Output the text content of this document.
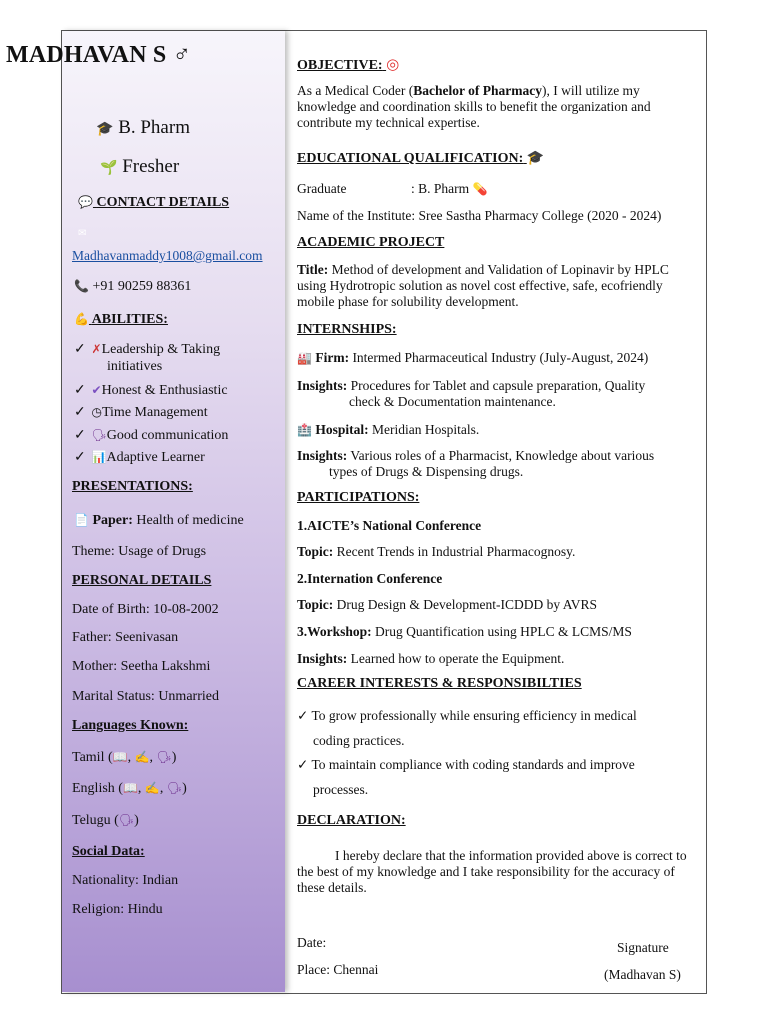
MADHAVAN S ♂
🎓 B. Pharm
🌱 Fresher
💬 CONTACT DETAILS
✉
Madhavanmaddy1008@gmail.com
📞 +91 90259 88361
💪 ABILITIES:
✓ ✗Leadership & Taking
initiatives
✓ ✔Honest & Enthusiastic
✓ ◷Time Management
✓ 🗣Good communication
✓ 📊Adaptive Learner
PRESENTATIONS:
📄 Paper: Health of medicine
Theme: Usage of Drugs
PERSONAL DETAILS
Date of Birth: 10-08-2002
Father: Seenivasan
Mother: Seetha Lakshmi
Marital Status: Unmarried
Languages Known:
Tamil (📖, ✍, 🗣)
English (📖, ✍, 🗣)
Telugu (🗣)
Social Data:
Nationality: Indian
Religion: Hindu
OBJECTIVE: ◎
As a Medical Coder (Bachelor of Pharmacy), I will utilize my knowledge and coordination skills to benefit the organization and contribute my technical expertise.
EDUCATIONAL QUALIFICATION: 🎓
Graduate	: B. Pharm 💊
Name of the Institute: Sree Sastha Pharmacy College (2020 - 2024)
ACADEMIC PROJECT
Title: Method of development and Validation of Lopinavir by HPLC using Hydrotropic solution as novel cost effective, safe, ecofriendly mobile phase for solubility development.
INTERNSHIPS:
🏭 Firm: Intermed Pharmaceutical Industry (July-August, 2024)
Insights: Procedures for Tablet and capsule preparation, Quality
check & Documentation maintenance.
🏥 Hospital: Meridian Hospitals.
Insights: Various roles of a Pharmacist, Knowledge about various
types of Drugs & Dispensing drugs.
PARTICIPATIONS:
1.AICTE’s National Conference
Topic: Recent Trends in Industrial Pharmacognosy.
2.Internation Conference
Topic: Drug Design & Development-ICDDD by AVRS
3.Workshop: Drug Quantification using HPLC & LCMS/MS
Insights: Learned how to operate the Equipment.
CAREER INTERESTS & RESPONSIBILTIES
✓ To grow professionally while ensuring efficiency in medical
coding practices.
✓ To maintain compliance with coding standards and improve
processes.
DECLARATION:
I hereby declare that the information provided above is correct to the best of my knowledge and I take responsibility for the accuracy of these details.
Date:
Place: Chennai
Signature
(Madhavan S)
